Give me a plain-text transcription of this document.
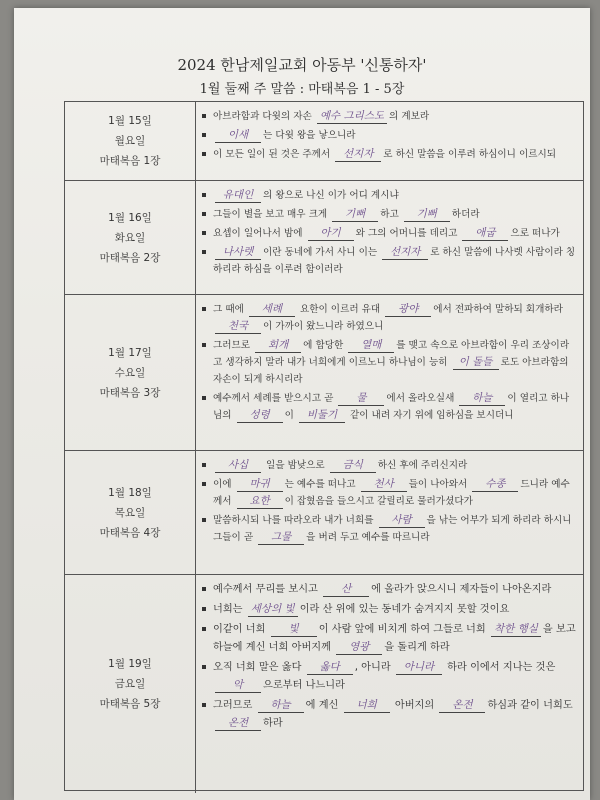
2024 한남제일교회 아동부 '신통하자'
1월 둘째 주 말씀 : 마태복음 1 - 5장
1월 15일
월요일
마태복음 1장
아브라함과 다윗의 자손 예수 그리스도 의 계보라
이새 는 다윗 왕을 낳으니라
이 모든 일이 된 것은 주께서 선지자 로 하신 말씀을 이루려 하심이니 이르시되
1월 16일
화요일
마태복음 2장
유대인 의 왕으로 나신 이가 어디 계시냐
그들이 별을 보고 매우 크게 기뻐 하고 기뻐 하더라
요셉이 일어나서 밤에 아기 와 그의 어머니를 데리고 애굽 으로 떠나가
나사렛 이란 동네에 가서 사니 이는 선지자 로 하신 말씀에 나사렛 사람이라 칭하리라 하심을 이루려 함이러라
1월 17일
수요일
마태복음 3장
그 때에 세례 요한이 이르러 유대 광야 에서 전파하여 말하되 회개하라 천국 이 가까이 왔느니라 하였으니
그러므로 회개 에 합당한 열매 를 맺고 속으로 아브라함이 우리 조상이라고 생각하지 말라 내가 너희에게 이르노니 하나님이 능히 이 돌들 로도 아브라함의 자손이 되게 하시리라
예수께서 세례를 받으시고 곧 물 에서 올라오실새 하늘 이 열리고 하나님의 성령 이 비둘기 같이 내려 자기 위에 임하심을 보시더니
1월 18일
목요일
마태복음 4장
사십 일을 밤낮으로 금식 하신 후에 주리신지라
이에 마귀 는 예수를 떠나고 천사 들이 나아와서 수종 드니라 예수께서 요한 이 잡혔음을 들으시고 갈릴리로 물러가셨다가
말씀하시되 나를 따라오라 내가 너희를 사람 을 낚는 어부가 되게 하리라 하시니 그들이 곧 그물 을 버려 두고 예수를 따르니라
1월 19일
금요일
마태복음 5장
예수께서 무리를 보시고 산 에 올라가 앉으시니 제자들이 나아온지라
너희는 세상의 빛 이라 산 위에 있는 동네가 숨겨지지 못할 것이요
이같이 너희 빛 이 사람 앞에 비치게 하여 그들로 너희 착한 행실 을 보고 하늘에 계신 너희 아버지께 영광 을 돌리게 하라
오직 너희 말은 옳다 옳다 , 아니라 아니라 하라 이에서 지나는 것은 악 으로부터 나느니라
그러므로 하늘 에 계신 너희 아버지의 온전 하심과 같이 너희도 온전 하라
